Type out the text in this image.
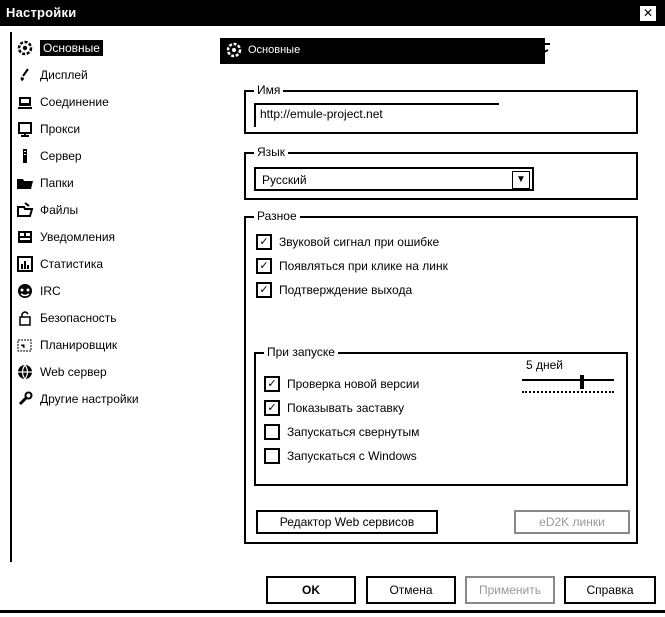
Настройки	✕
Основные
Дисплей
Соединение
Прокси
Сервер
Папки
Файлы
Уведомления
Статистика
IRC
Безопасность
Планировщик
Web сервер
Другие настройки
Основные
Имя
http://emule-project.net
Язык
Русский	▼
Разное
✓ Звуковой сигнал при ошибке
✓ Появляться при клике на линк
✓ Подтверждение выхода
При запуске
5 дней
✓ Проверка новой версии
✓ Показывать заставку
Запускаться свернутым
Запускаться с Windows
Редактор Web сервисов	eD2K линки
OK	Отмена	Применить	Справка
